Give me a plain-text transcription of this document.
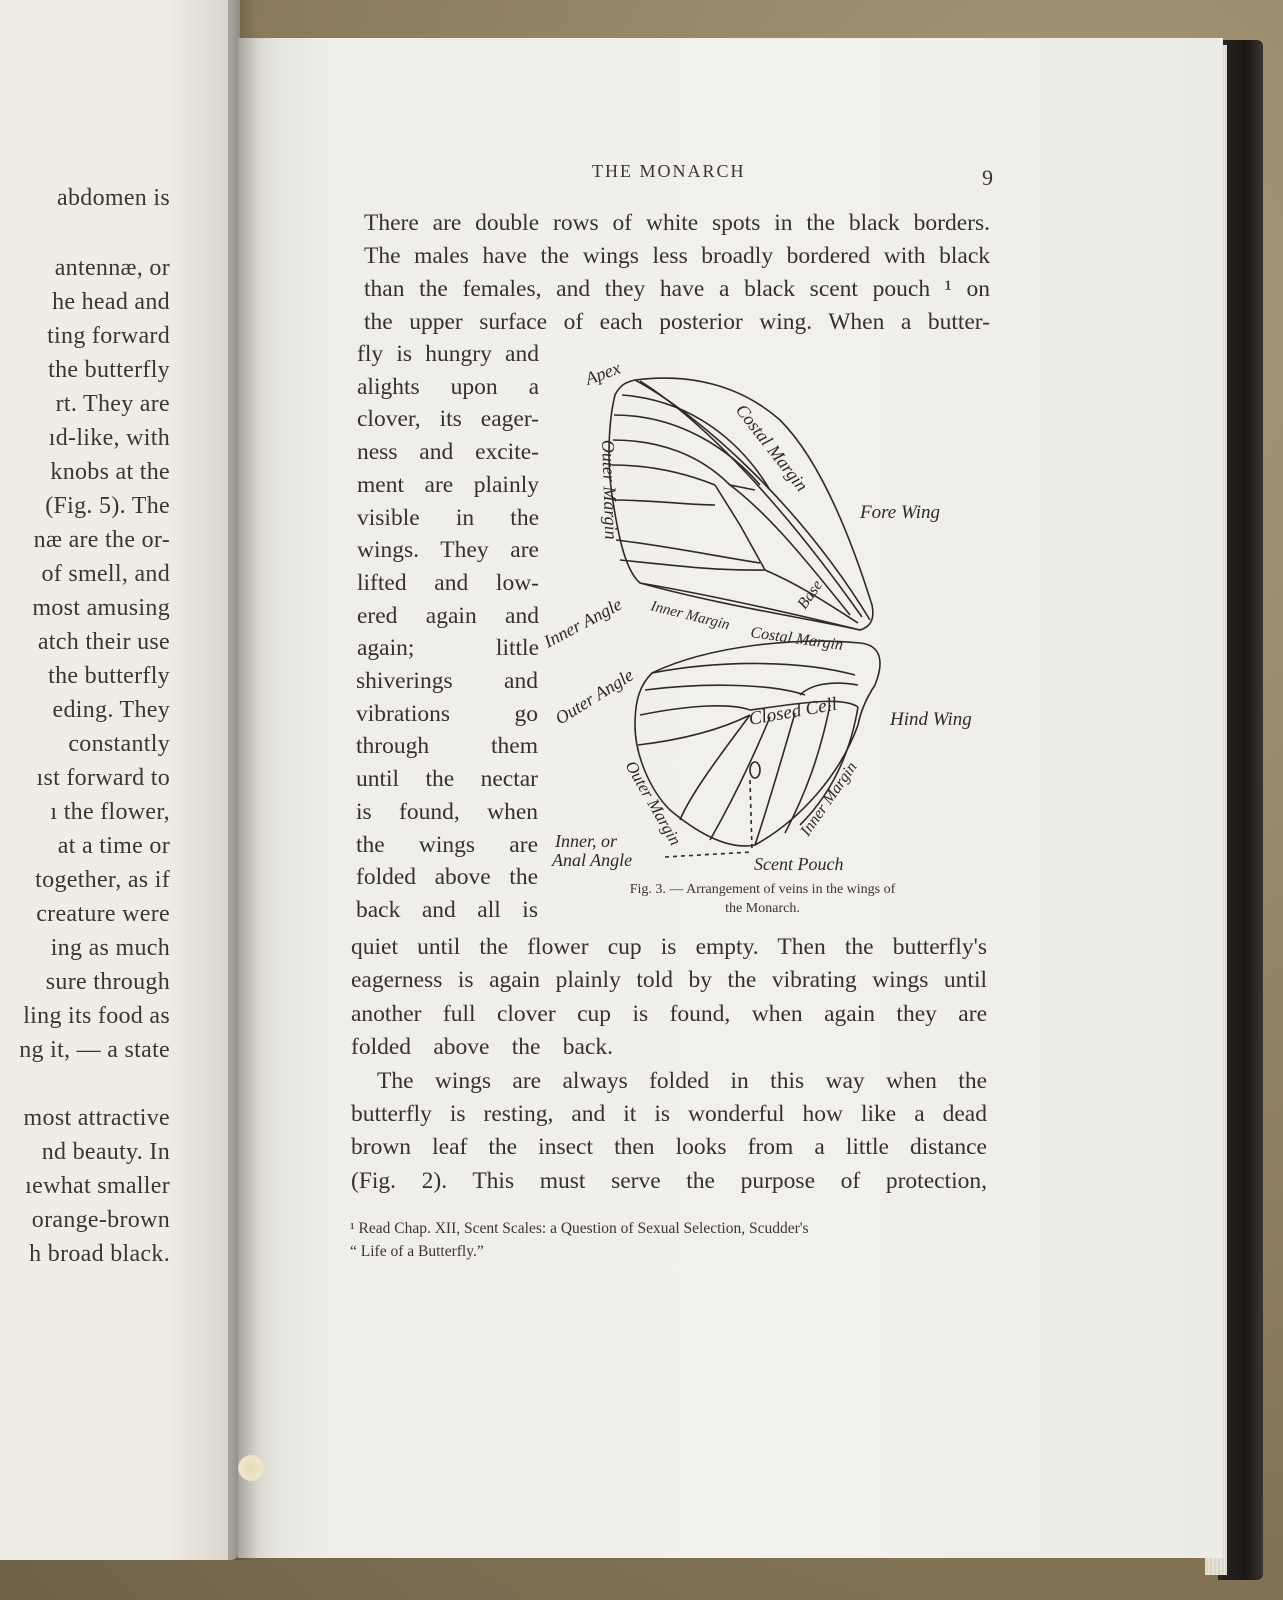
abdomen is
antennæ, or
he head and
ting forward
the butterfly
rt. They are
ıd-like, with
knobs at the
(Fig. 5). The
næ are the or-
of smell, and
most amusing
atch their use
the butterfly
eding. They
constantly
ıst forward to
ı the flower,
at a time or
together, as if
creature were
ing as much
sure through
ling its food as
ng it, — a state
most attractive
nd beauty. In
ıewhat smaller
orange-brown
h broad black.
THE MONARCH	9
There are double rows of white spots in the black borders.
The males have the wings less broadly bordered with black
than the females, and they have a black scent pouch ¹ on
the upper surface of each posterior wing. When a butter-
fly is hungry and
alights upon a
clover, its eager-
ness and excite-
ment are plainly
visible in the
wings. They are
lifted and low-
ered again and
again; little
shiverings and
vibrations go
through them
until the nectar
is found, when
the wings are
folded above the
back and all is
quiet until the flower cup is empty. Then the butterfly's
eagerness is again plainly told by the vibrating wings until
another full clover cup is found, when again they are
folded above the back.
The wings are always folded in this way when the
butterfly is resting, and it is wonderful how like a dead
brown leaf the insect then looks from a little distance
(Fig. 2). This must serve the purpose of protection,
Apex
Costal Margin
Fore Wing
Outer Margin
Base
Inner Margin
Inner Angle	Costal Margin
Outer Angle	Closed Cell	Hind Wing
Outer Margin	Inner Margin
Inner, or
Anal Angle	Scent Pouch
Fig. 3. — Arrangement of veins in the wings of
the Monarch.
¹ Read Chap. XII, Scent Scales: a Question of Sexual Selection, Scudder's
“ Life of a Butterfly.”
